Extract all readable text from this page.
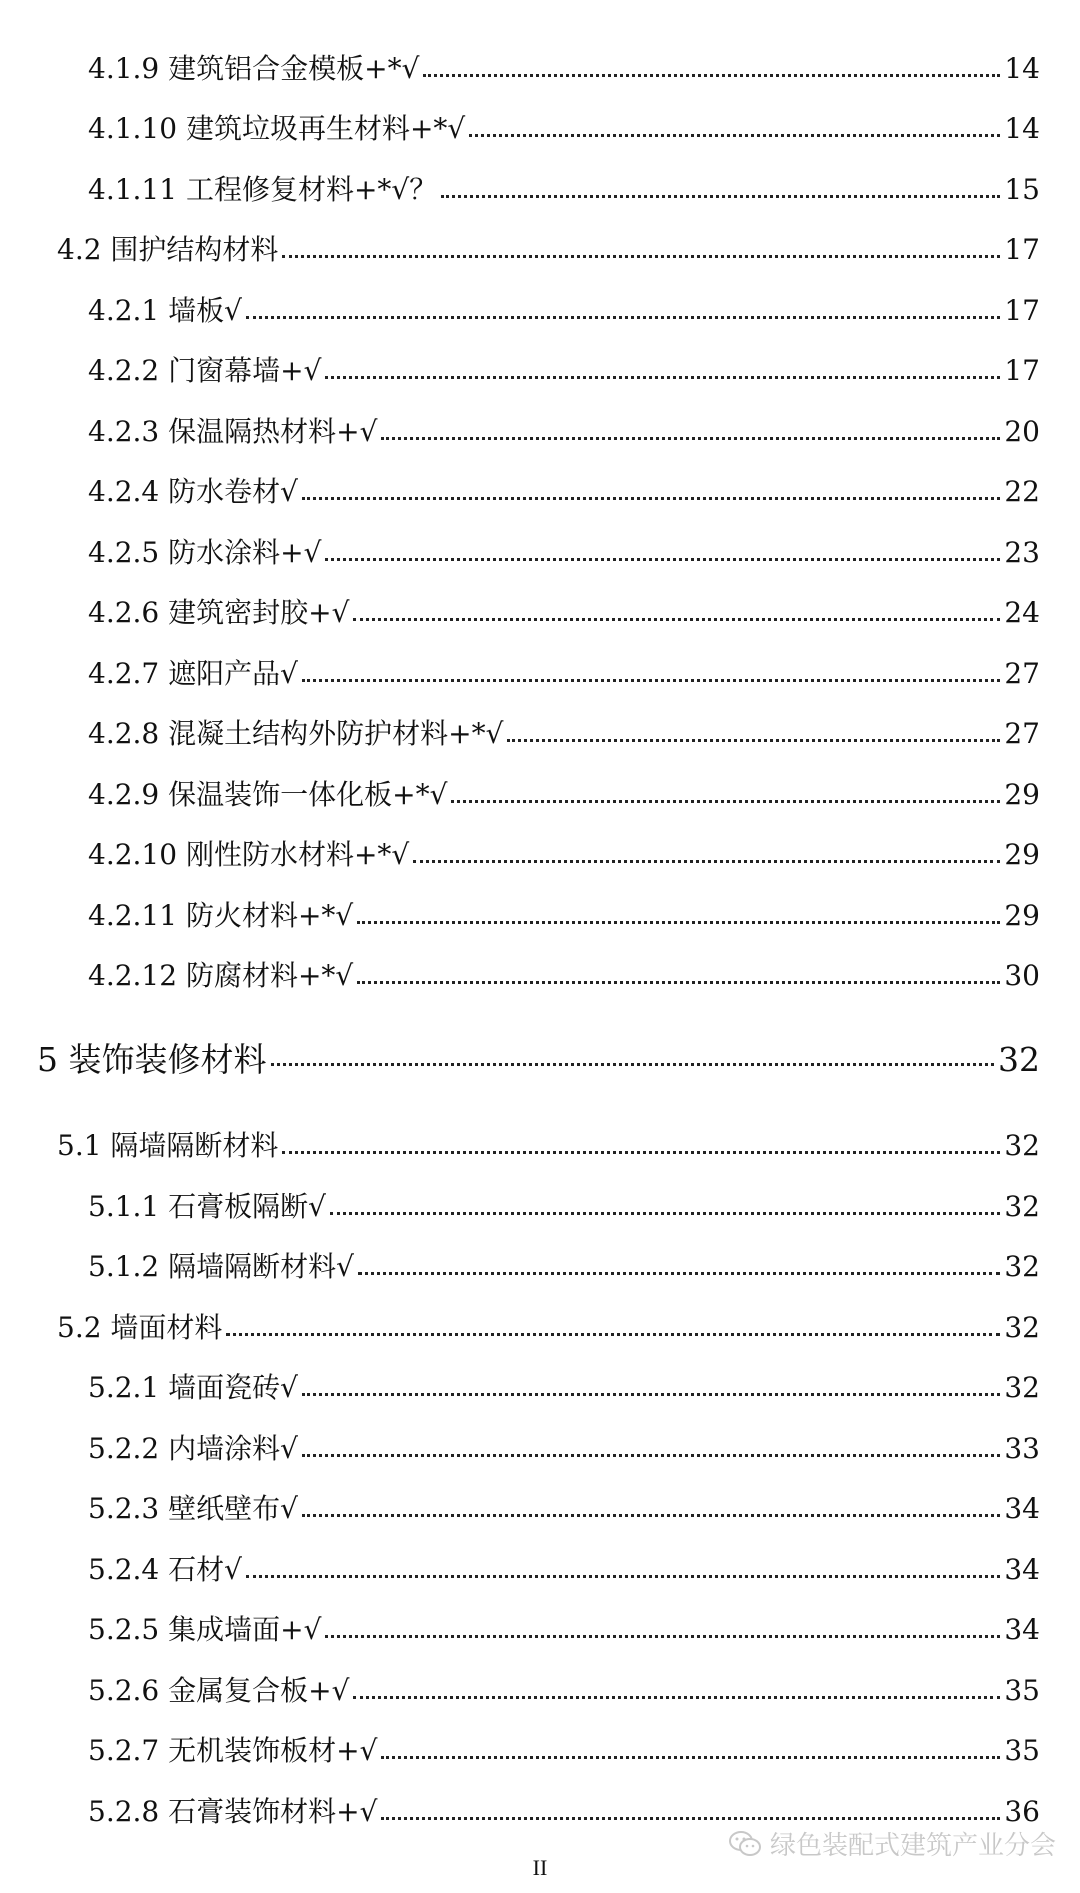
4.1.9 建筑铝合金模板+*√	14
4.1.10 建筑垃圾再生材料+*√	14
4.1.11 工程修复材料+*√？	15
4.2 围护结构材料	17
4.2.1 墙板√	17
4.2.2 门窗幕墙+√	17
4.2.3 保温隔热材料+√	20
4.2.4 防水卷材√	22
4.2.5 防水涂料+√	23
4.2.6 建筑密封胶+√	24
4.2.7 遮阳产品√	27
4.2.8 混凝土结构外防护材料+*√	27
4.2.9 保温装饰一体化板+*√	29
4.2.10 刚性防水材料+*√	29
4.2.11 防火材料+*√	29
4.2.12 防腐材料+*√	30
5 装饰装修材料	32
5.1 隔墙隔断材料	32
5.1.1 石膏板隔断√	32
5.1.2 隔墙隔断材料√	32
5.2 墙面材料	32
5.2.1 墙面瓷砖√	32
5.2.2 内墙涂料√	33
5.2.3 壁纸壁布√	34
5.2.4 石材√	34
5.2.5 集成墙面+√	34
5.2.6 金属复合板+√	35
5.2.7 无机装饰板材+√	35
5.2.8 石膏装饰材料+√	36
II
绿色装配式建筑产业分会
